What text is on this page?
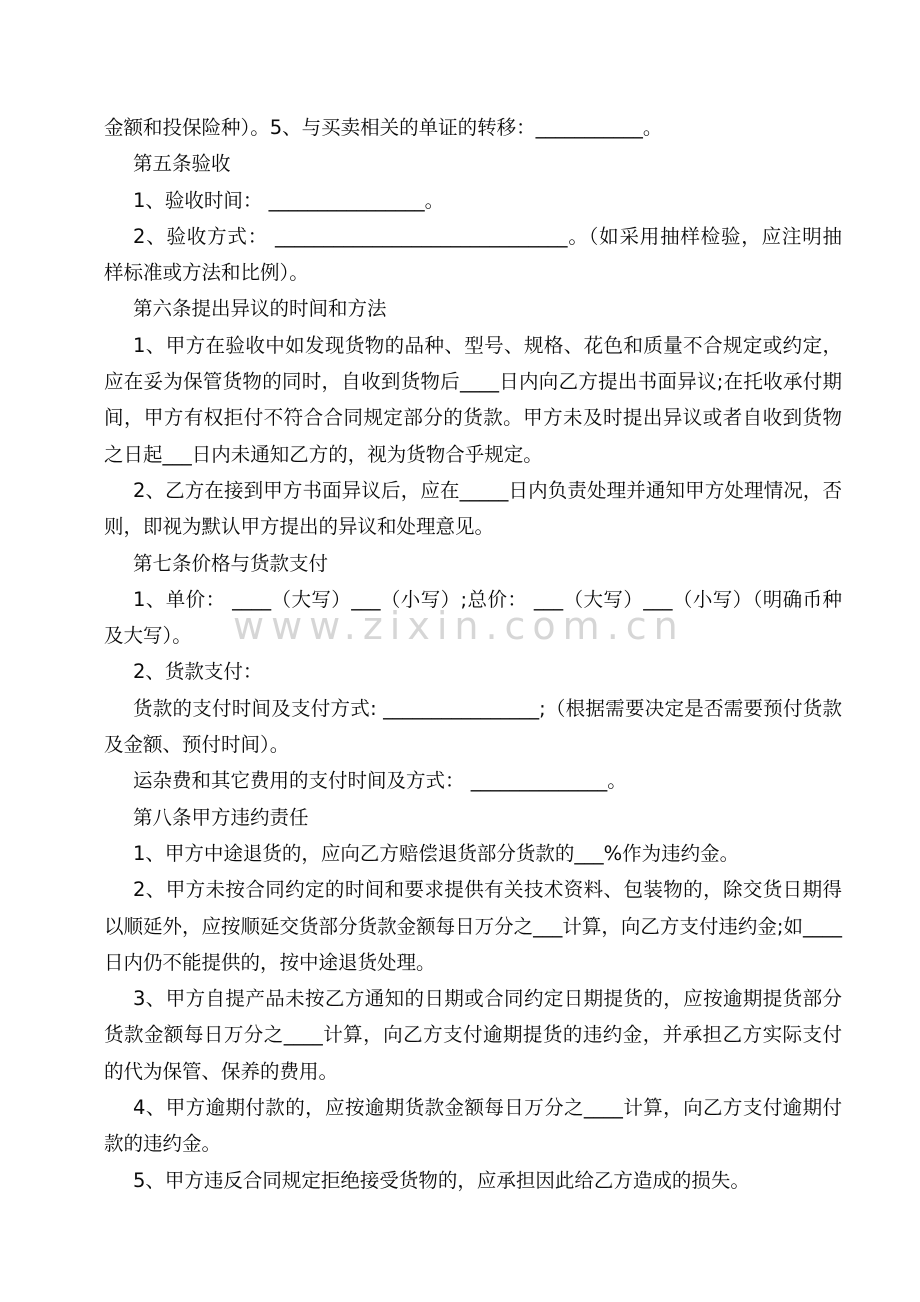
www.zixin.com.cn

金额和投保险种）。5、与买卖相关的单证的转移：___________。

第五条验收

1、验收时间： ________________。

2、验收方式： ______________________________。（如采用抽样检验，应注明抽样标准或方法和比例）。

第六条提出异议的时间和方法

1、甲方在验收中如发现货物的品种、型号、规格、花色和质量不合规定或约定，应在妥为保管货物的同时，自收到货物后____日内向乙方提出书面异议;在托收承付期间，甲方有权拒付不符合合同规定部分的货款。甲方未及时提出异议或者自收到货物之日起___日内未通知乙方的，视为货物合乎规定。

2、乙方在接到甲方书面异议后，应在_____日内负责处理并通知甲方处理情况，否则，即视为默认甲方提出的异议和处理意见。

第七条价格与货款支付

1、单价： ____（大写）___（小写）;总价： ___（大写）___（小写）（明确币种及大写）。

2、货款支付：

货款的支付时间及支付方式: ________________;（根据需要决定是否需要预付货款及金额、预付时间）。

运杂费和其它费用的支付时间及方式： ______________。

第八条甲方违约责任

1、甲方中途退货的，应向乙方赔偿退货部分货款的___%作为违约金。

2、甲方未按合同约定的时间和要求提供有关技术资料、包装物的，除交货日期得以顺延外，应按顺延交货部分货款金额每日万分之___计算，向乙方支付违约金;如____日内仍不能提供的，按中途退货处理。

3、甲方自提产品未按乙方通知的日期或合同约定日期提货的，应按逾期提货部分货款金额每日万分之____计算，向乙方支付逾期提货的违约金，并承担乙方实际支付的代为保管、保养的费用。

4、甲方逾期付款的，应按逾期货款金额每日万分之____计算，向乙方支付逾期付款的违约金。

5、甲方违反合同规定拒绝接受货物的，应承担因此给乙方造成的损失。
